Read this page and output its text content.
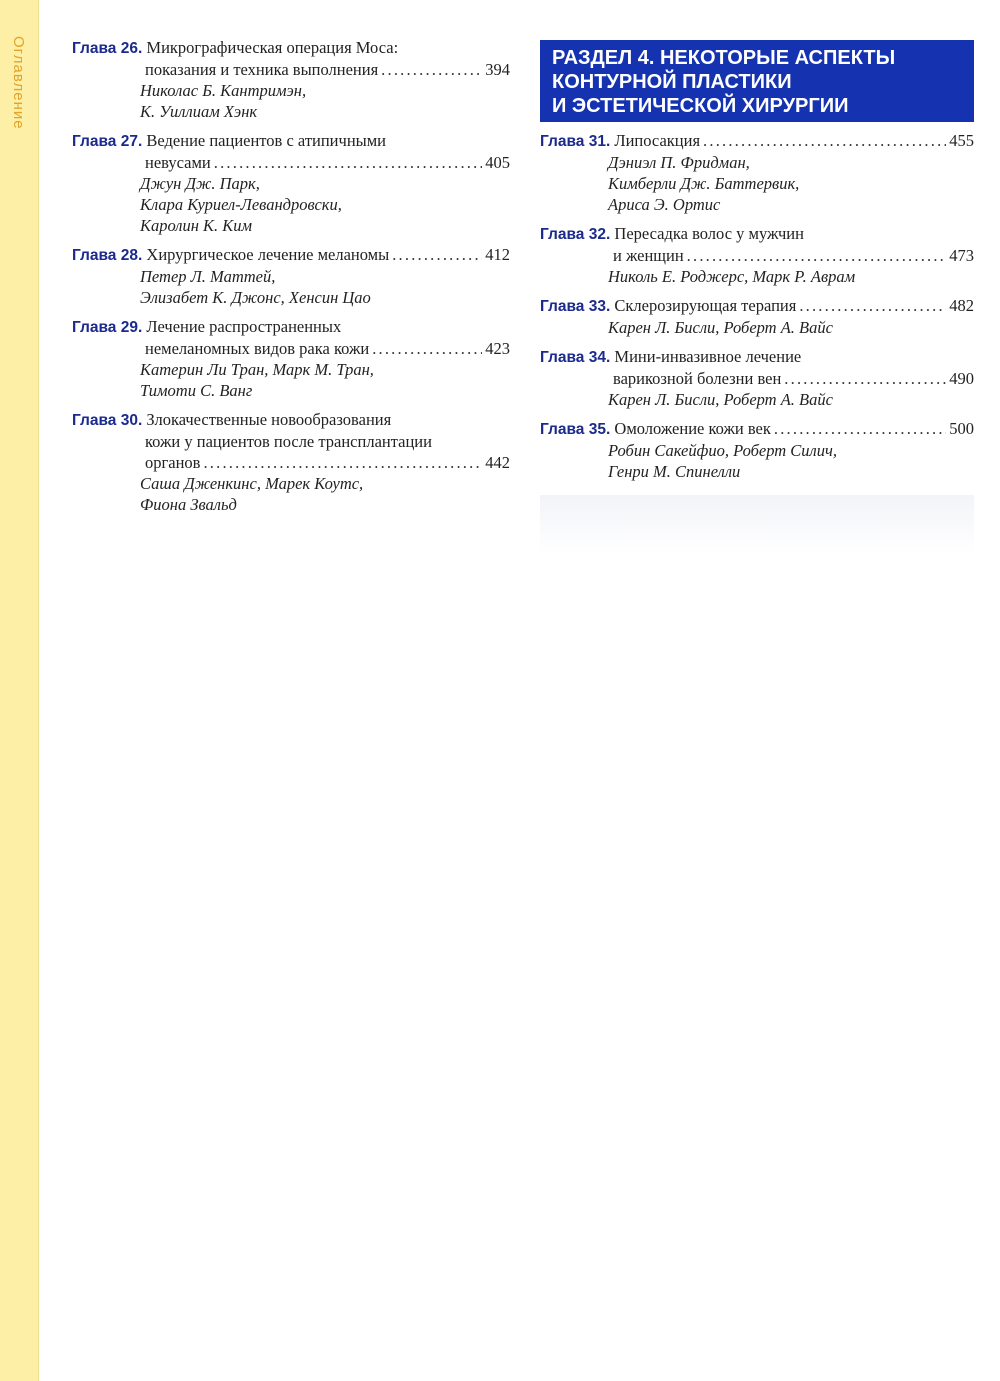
Оглавление	Глава 26. Микрографическая операция Моса:
показания и техника выполнения .....	394
Николас Б. Кантримэн,
К. Уиллиам Хэнк
Глава 27. Ведение пациентов с атипичными
невусами .....	405
Джун Дж. Парк,
Клара Куриел-Левандровски,
Каролин К. Ким
Глава 28. Хирургическое лечение меланомы .....	412
Петер Л. Маттей,
Элизабет К. Джонс, Хенсин Цао
Глава 29. Лечение распространенных
немеланомных видов рака кожи .....	423
Катерин Ли Тран, Марк М. Тран,
Тимоти С. Ванг
Глава 30. Злокачественные новообразования
кожи у пациентов после трансплантации
органов .....	442
Саша Дженкинс, Марек Коутс,
Фиона Звальд
РАЗДЕЛ 4. НЕКОТОРЫЕ АСПЕКТЫ
КОНТУРНОЙ ПЛАСТИКИ
И ЭСТЕТИЧЕСКОЙ ХИРУРГИИ
Глава 31. Липосакция .....	455
Дэниэл П. Фридман,
Кимберли Дж. Баттервик,
Ариса Э. Ортис
Глава 32. Пересадка волос у мужчин
и женщин .....	473
Николь Е. Роджерс, Марк Р. Аврам
Глава 33. Склерозирующая терапия .....	482
Карен Л. Бисли, Роберт А. Вайс
Глава 34. Мини-инвазивное лечение
варикозной болезни вен .....	490
Карен Л. Бисли, Роберт А. Вайс
Глава 35. Омоложение кожи век .....	500
Робин Сакейфио, Роберт Силич,
Генри М. Спинелли
.....
